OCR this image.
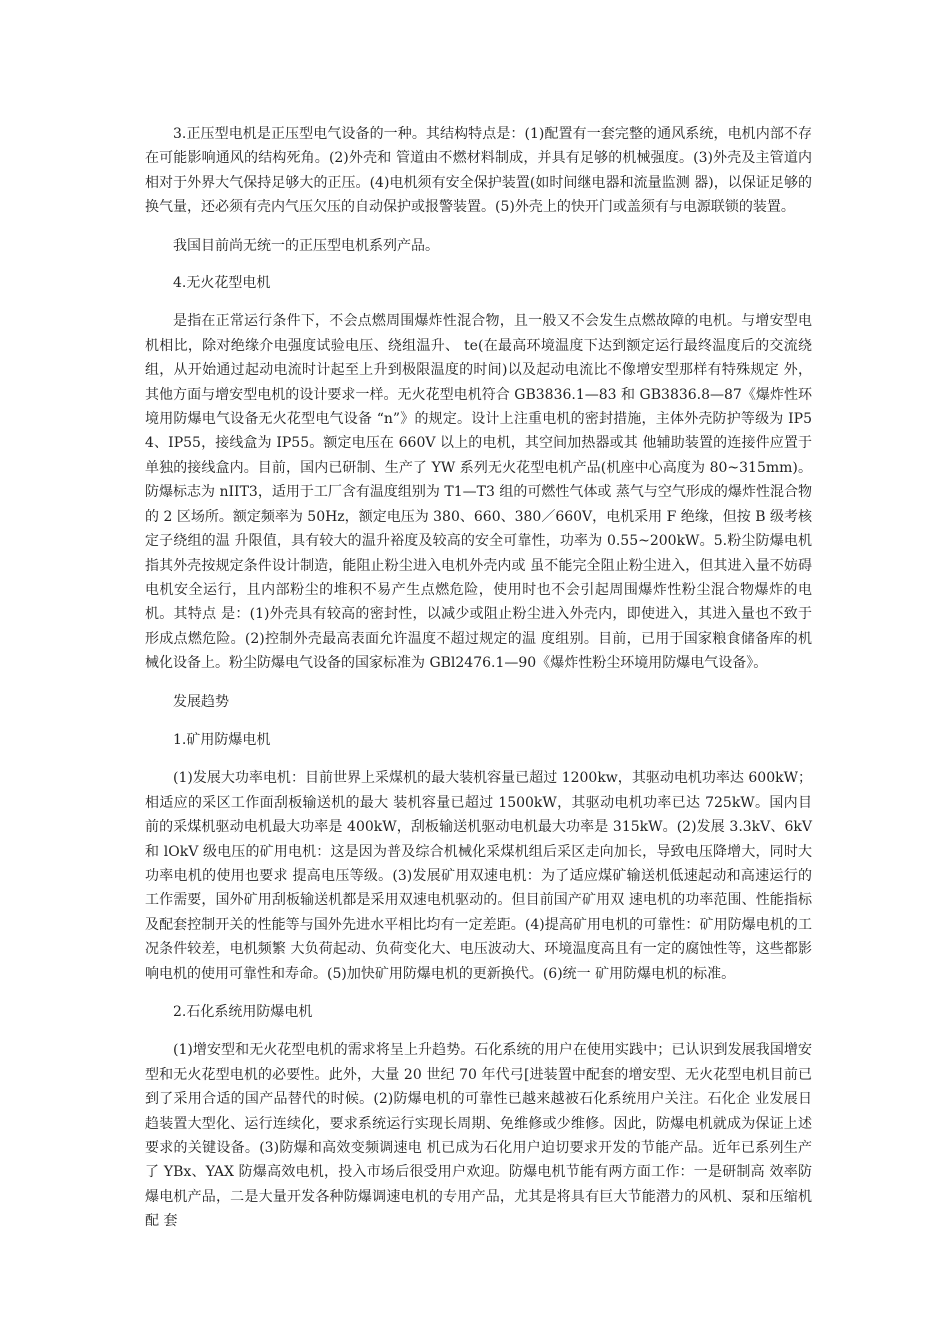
3.正压型电机是正压型电气设备的一种。其结构特点是：(1)配置有一套完整的通风系统，电机内部不存在可能影响通风的结构死角。(2)外壳和 管道由不燃材料制成，并具有足够的机械强度。(3)外壳及主管道内相对于外界大气保持足够大的正压。(4)电机须有安全保护装置(如时间继电器和流量监测 器)，以保证足够的换气量，还必须有壳内气压欠压的自动保护或报警装置。(5)外壳上的快开门或盖须有与电源联锁的装置。

我国目前尚无统一的正压型电机系列产品。

4.无火花型电机

是指在正常运行条件下，不会点燃周围爆炸性混合物，且一般又不会发生点燃故障的电机。与增安型电机相比，除对绝缘介电强度试验电压、绕组温升、 te(在最高环境温度下达到额定运行最终温度后的交流绕组，从开始通过起动电流时计起至上升到极限温度的时间)以及起动电流比不像增安型那样有特殊规定 外，其他方面与增安型电机的设计要求一样。无火花型电机符合 GB3836.1—83 和 GB3836.8—87《爆炸性环境用防爆电气设备无火花型电气设备 “n”》的规定。设计上注重电机的密封措施，主体外壳防护等级为 IP54、IP55，接线盒为 IP55。额定电压在 660V 以上的电机，其空间加热器或其 他辅助装置的连接件应置于单独的接线盒内。目前，国内已研制、生产了 YW 系列无火花型电机产品(机座中心高度为 80~315mm)。防爆标志为 nIIT3，适用于工厂含有温度组别为 T1—T3 组的可燃性气体或 蒸气与空气形成的爆炸性混合物的 2 区场所。额定频率为 50Hz，额定电压为 380、660、380／660V，电机采用 F 绝缘，但按 B 级考核定子绕组的温 升限值，具有较大的温升裕度及较高的安全可靠性，功率为 0.55~200kW。5.粉尘防爆电机指其外壳按规定条件设计制造，能阻止粉尘进入电机外壳内或 虽不能完全阻止粉尘进入，但其进入量不妨碍电机安全运行，且内部粉尘的堆积不易产生点燃危险，使用时也不会引起周围爆炸性粉尘混合物爆炸的电机。其特点 是：(1)外壳具有较高的密封性，以减少或阻止粉尘进入外壳内，即使进入，其进入量也不致于形成点燃危险。(2)控制外壳最高表面允许温度不超过规定的温 度组别。目前，已用于国家粮食储备库的机械化设备上。粉尘防爆电气设备的国家标准为 GBl2476.1—90《爆炸性粉尘环境用防爆电气设备》。

发展趋势

1.矿用防爆电机

(1)发展大功率电机：目前世界上采煤机的最大装机容量已超过 1200kw，其驱动电机功率达 600kW；相适应的采区工作面刮板输送机的最大 装机容量已超过 1500kW，其驱动电机功率已达 725kW。国内目前的采煤机驱动电机最大功率是 400kW，刮板输送机驱动电机最大功率是 315kW。(2)发展 3.3kV、6kV 和 lOkV 级电压的矿用电机：这是因为普及综合机械化采煤机组后采区走向加长，导致电压降增大，同时大功率电机的使用也要求 提高电压等级。(3)发展矿用双速电机：为了适应煤矿输送机低速起动和高速运行的工作需要，国外矿用刮板输送机都是采用双速电机驱动的。但目前国产矿用双 速电机的功率范围、性能指标及配套控制开关的性能等与国外先进水平相比均有一定差距。(4)提高矿用电机的可靠性：矿用防爆电机的工况条件较差，电机频繁 大负荷起动、负荷变化大、电压波动大、环境温度高且有一定的腐蚀性等，这些都影响电机的使用可靠性和寿命。(5)加快矿用防爆电机的更新换代。(6)统一 矿用防爆电机的标准。

2.石化系统用防爆电机

(1)增安型和无火花型电机的需求将呈上升趋势。石化系统的用户在使用实践中；已认识到发展我国增安型和无火花型电机的必要性。此外，大量 20 世纪 70 年代弓[进装置中配套的增安型、无火花型电机目前已到了采用合适的国产品替代的时候。(2)防爆电机的可靠性已越来越被石化系统用户关注。石化企 业发展日趋装置大型化、运行连续化，要求系统运行实现长周期、免维修或少维修。因此，防爆电机就成为保证上述要求的关键设备。(3)防爆和高效变频调速电 机已成为石化用户迫切要求开发的节能产品。近年已系列生产了 YBx、YAX 防爆高效电机，投入市场后很受用户欢迎。防爆电机节能有两方面工作：一是研制高 效率防爆电机产品，二是大量开发各种防爆调速电机的专用产品，尤其是将具有巨大节能潜力的风机、泵和压缩机配 套
